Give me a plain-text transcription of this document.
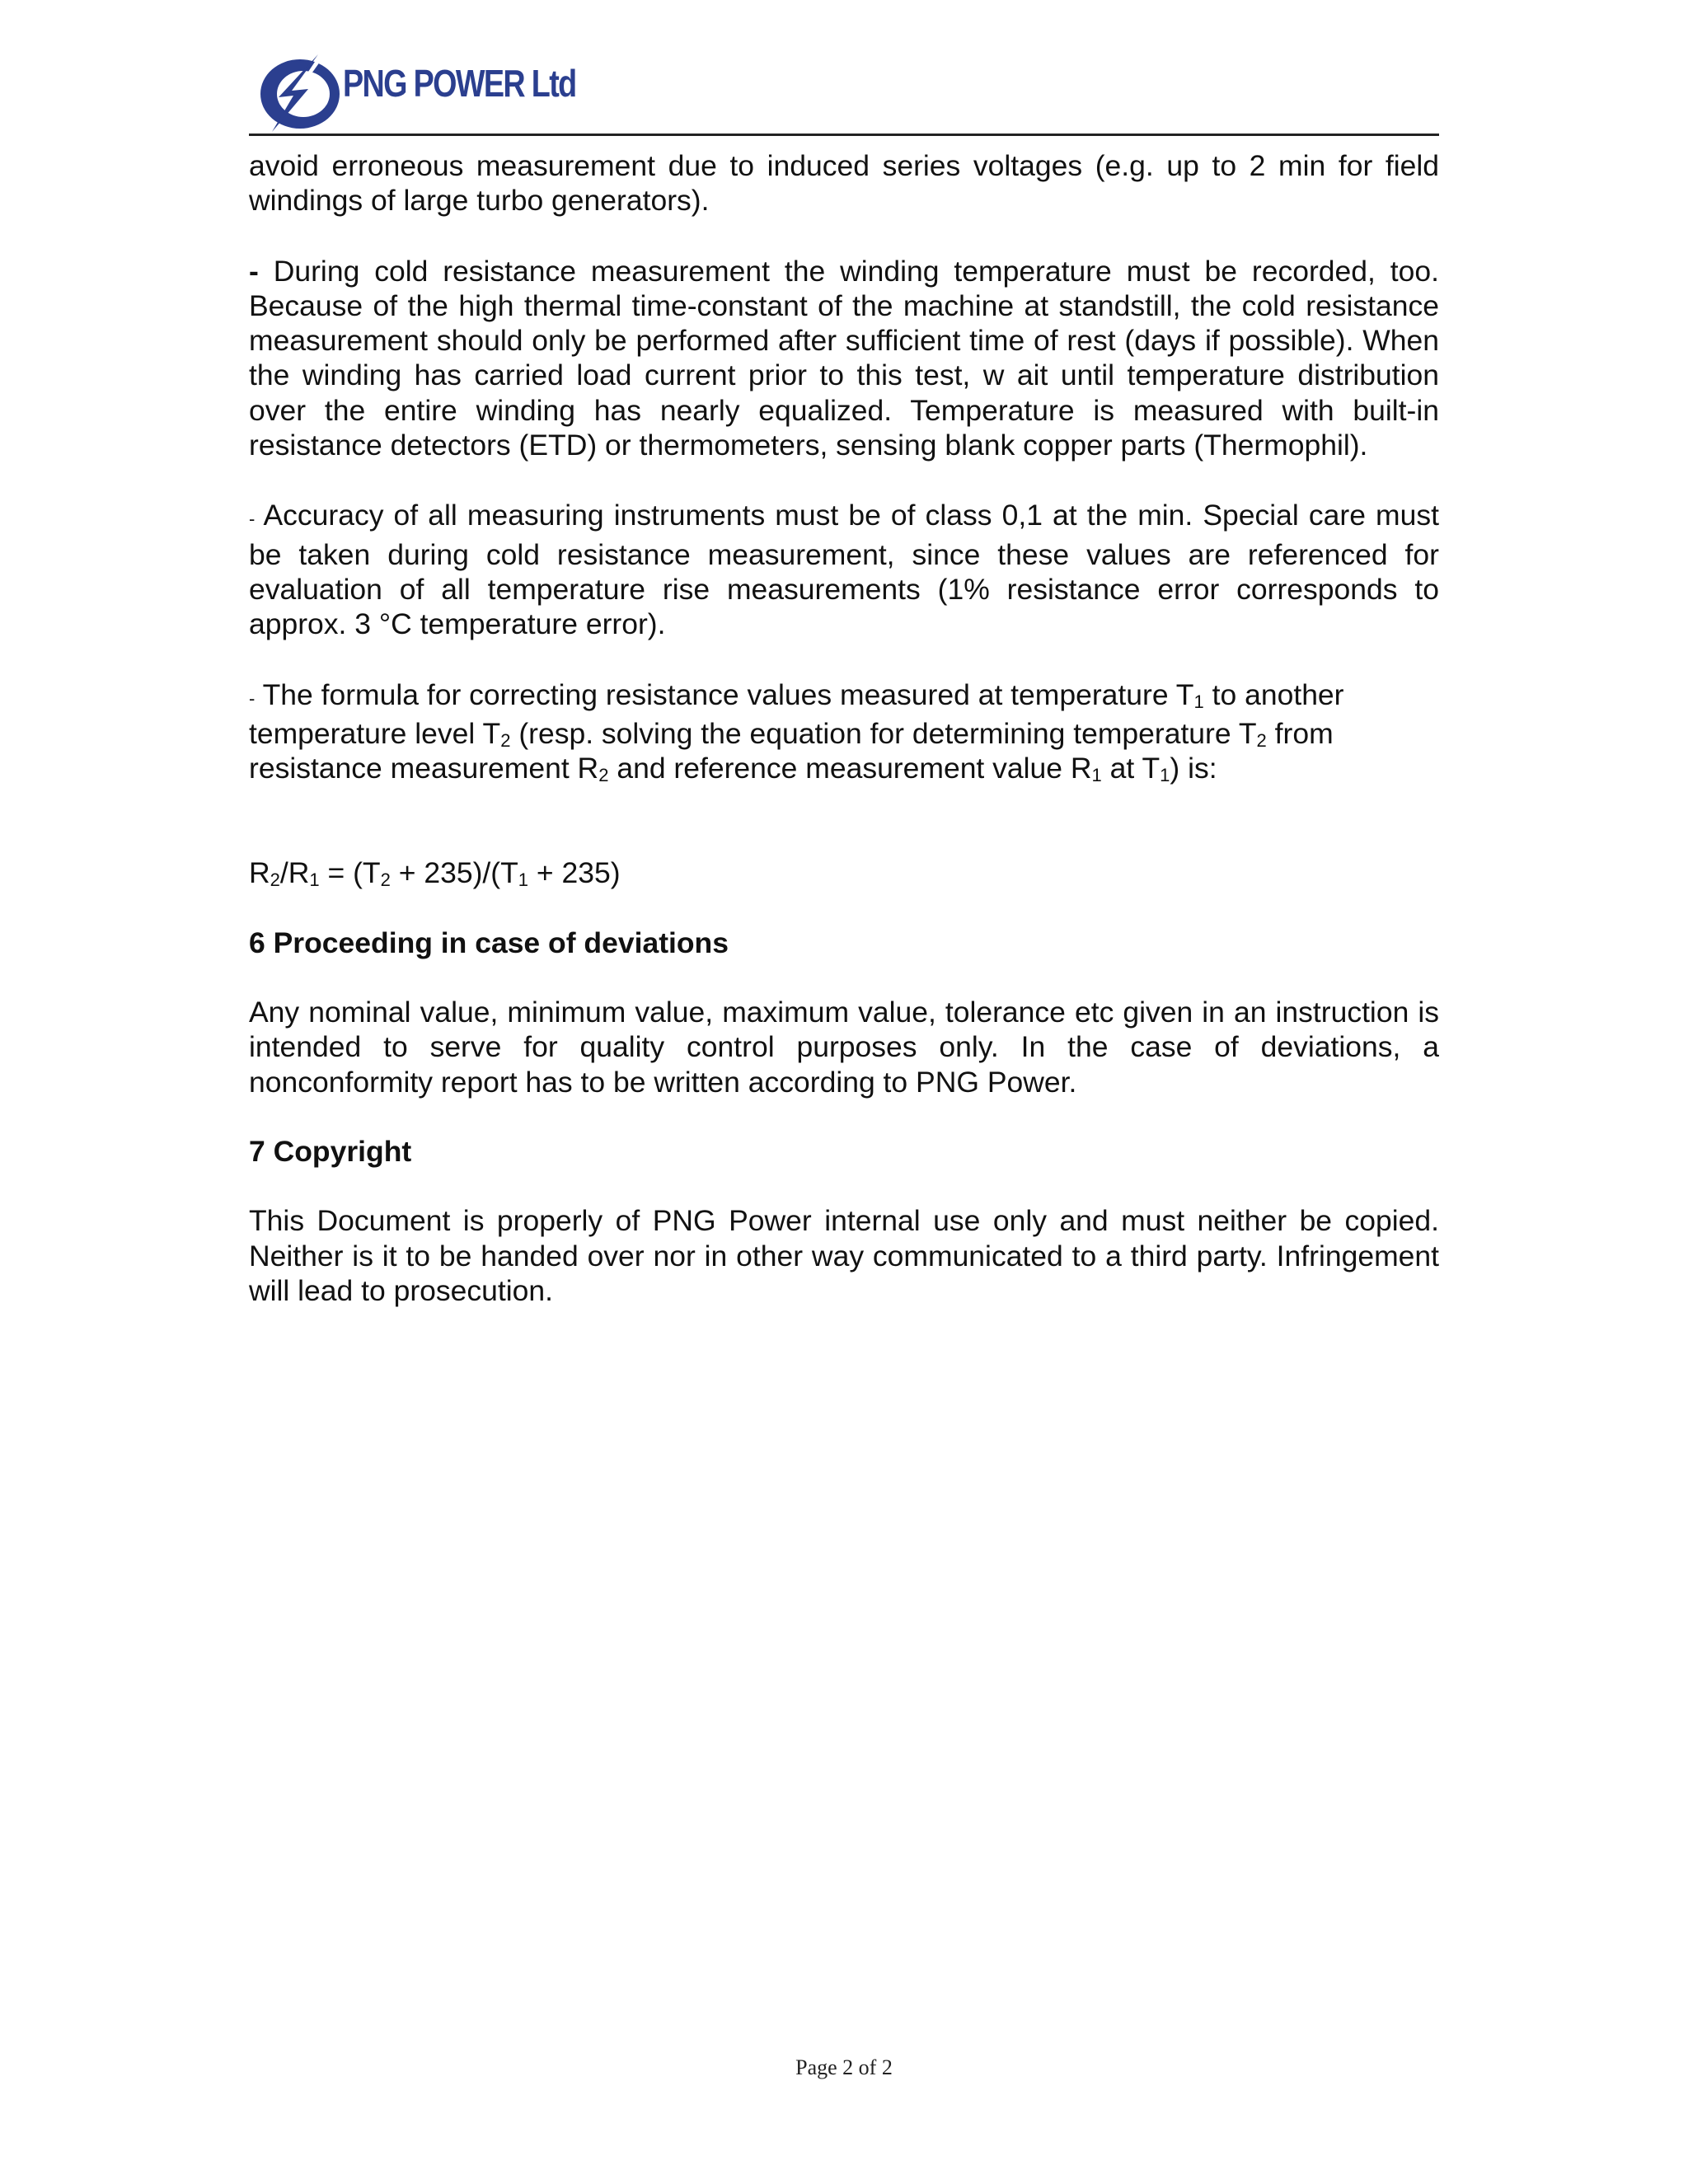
PNG POWER Ltd

avoid erroneous measurement due to induced series voltages (e.g. up to 2 min for field windings of large turbo generators).

- During cold resistance measurement the winding temperature must be recorded, too. Because of the high thermal time-constant of the machine at standstill, the cold resistance measurement should only be performed after sufficient time of rest (days if possible). When the winding has carried load current prior to this test, w ait until temperature distribution over the entire winding has nearly equalized. Temperature is measured with built-in resistance detectors (ETD) or thermometers, sensing blank copper parts (Thermophil).

- Accuracy of all measuring instruments must be of class 0,1 at the min. Special care must be taken during cold resistance measurement, since these values are referenced for evaluation of all temperature rise measurements (1% resistance error corresponds to approx. 3 °C temperature error).

- The formula for correcting resistance values measured at temperature T1 to another
temperature level T2 (resp. solving the equation for determining temperature T2 from
resistance measurement R2 and reference measurement value R1 at T1) is:

R2/R1 = (T2 + 235)/(T1 + 235)

6 Proceeding in case of deviations

Any nominal value, minimum value, maximum value, tolerance etc given in an instruction is intended to serve for quality control purposes only. In the case of deviations, a nonconformity report has to be written according to PNG Power.

7 Copyright

This Document is properly of PNG Power internal use only and must neither be copied. Neither is it to be handed over nor in other way communicated to a third party. Infringement will lead to prosecution.

Page 2 of 2
